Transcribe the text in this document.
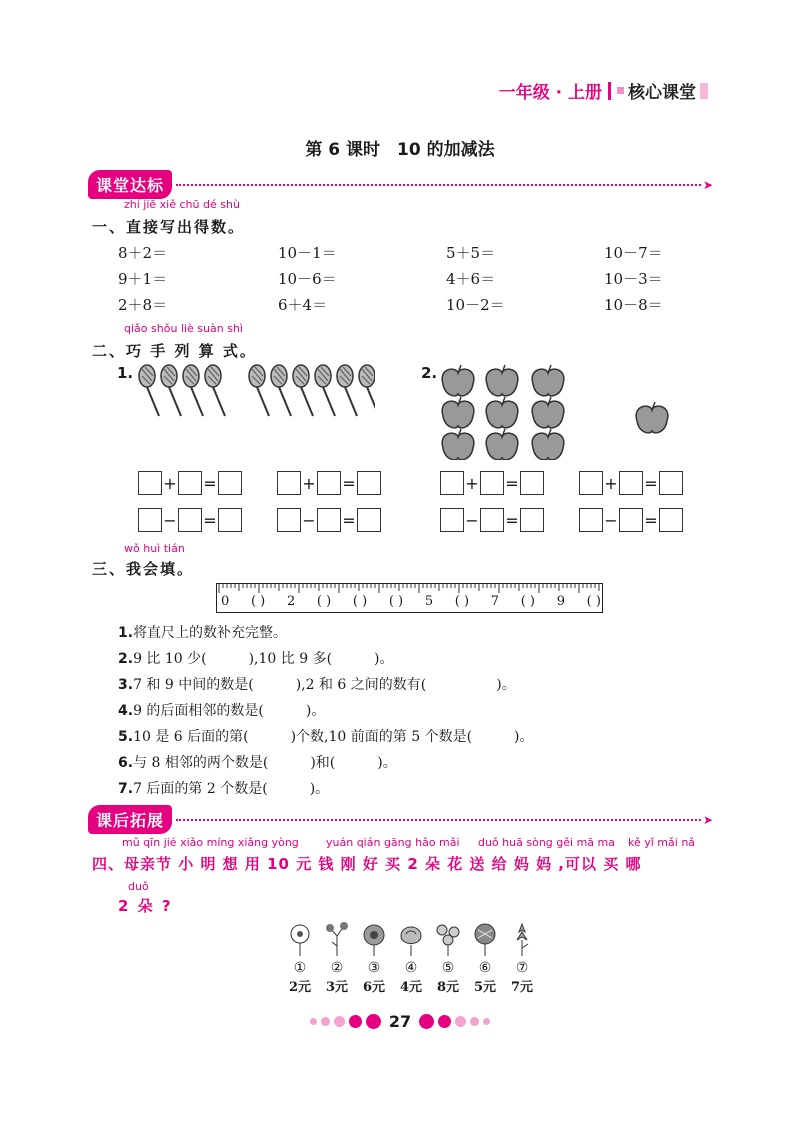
一年级 · 上册 核心课堂
第 6 课时　10 的加减法
课堂达标	➤
zhí jiē xiě chū dé shù
一、直接写出得数。
8＋2＝	10－1＝	5＋5＝	10－7＝
9＋1＝	10－6＝	4＋6＝	10－3＝
2＋8＝	6＋4＝	10－2＝	10－8＝
qiǎo shǒu liè suàn shì
二、巧 手 列 算 式。
1.	2.
+ =	+ =	+ =	+ =
− =	− =	− =	− =
wǒ huì tián
三、我会填。
0 ( ) 2 ( ) ( ) ( ) 5 ( ) 7 ( ) 9 ( )
1.将直尺上的数补充完整。
2.9 比 10 少(　　　),10 比 9 多(　　　)。
3.7 和 9 中间的数是(　　　),2 和 6 之间的数有(　　　　　)。
4.9 的后面相邻的数是(　　　)。
5.10 是 6 后面的第(　　　)个数,10 前面的第 5 个数是(　　　)。
6.与 8 相邻的两个数是(　　　)和(　　　)。
7.7 后面的第 2 个数是(　　　)。
课后拓展	➤
mǔ qīn jié xiǎo míng xiǎng yòng yuán qián gāng hǎo mǎi duǒ huā sòng gěi mā ma kě yǐ mǎi nǎ
四、母亲节 小 明 想 用 10 元 钱 刚 好 买 2 朵 花 送 给 妈 妈 ,可以 买 哪
duǒ
2 朵 ?
①
2元
②
3元
③
6元
④
4元
⑤
8元
⑥
5元
⑦
7元
27
